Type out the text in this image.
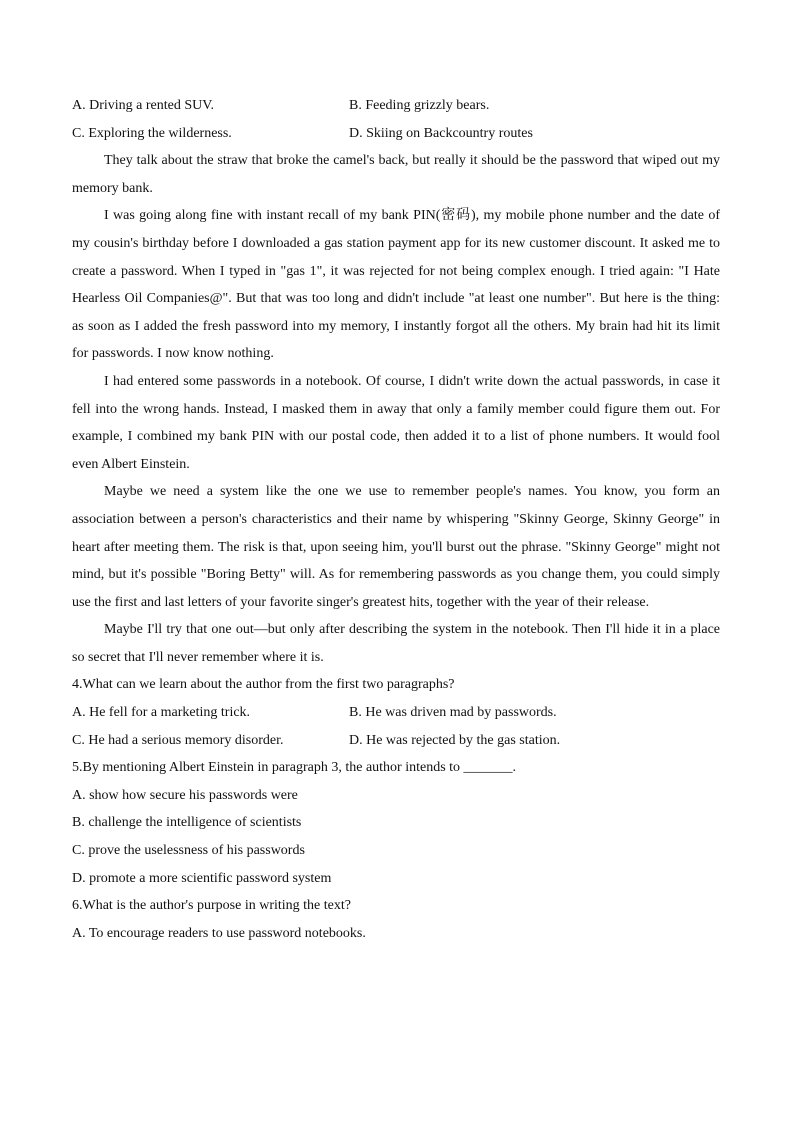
A. Driving a rented SUV.	B. Feeding grizzly bears.
C. Exploring the wilderness.	D. Skiing on Backcountry routes

They talk about the straw that broke the camel's back, but really it should be the password that wiped out my memory bank.

I was going along fine with instant recall of my bank PIN(密码), my mobile phone number and the date of my cousin's birthday before I downloaded a gas station payment app for its new customer discount. It asked me to create a password. When I typed in "gas 1", it was rejected for not being complex enough. I tried again: "I Hate Hearless Oil Companies@". But that was too long and didn't include "at least one number". But here is the thing: as soon as I added the fresh password into my memory, I instantly forgot all the others. My brain had hit its limit for passwords. I now know nothing.

I had entered some passwords in a notebook. Of course, I didn't write down the actual passwords, in case it fell into the wrong hands. Instead, I masked them in away that only a family member could figure them out. For example, I combined my bank PIN with our postal code, then added it to a list of phone numbers. It would fool even Albert Einstein.

Maybe we need a system like the one we use to remember people's names. You know, you form an association between a person's characteristics and their name by whispering "Skinny George, Skinny George" in heart after meeting them. The risk is that, upon seeing him, you'll burst out the phrase. "Skinny George" might not mind, but it's possible "Boring Betty" will. As for remembering passwords as you change them, you could simply use the first and last letters of your favorite singer's greatest hits, together with the year of their release.

Maybe I'll try that one out—but only after describing the system in the notebook. Then I'll hide it in a place so secret that I'll never remember where it is.

4.What can we learn about the author from the first two paragraphs?
A. He fell for a marketing trick.	B. He was driven mad by passwords.
C. He had a serious memory disorder.	D. He was rejected by the gas station.
5.By mentioning Albert Einstein in paragraph 3, the author intends to _______.
A. show how secure his passwords were
B. challenge the intelligence of scientists
C. prove the uselessness of his passwords
D. promote a more scientific password system
6.What is the author's purpose in writing the text?
A. To encourage readers to use password notebooks.
